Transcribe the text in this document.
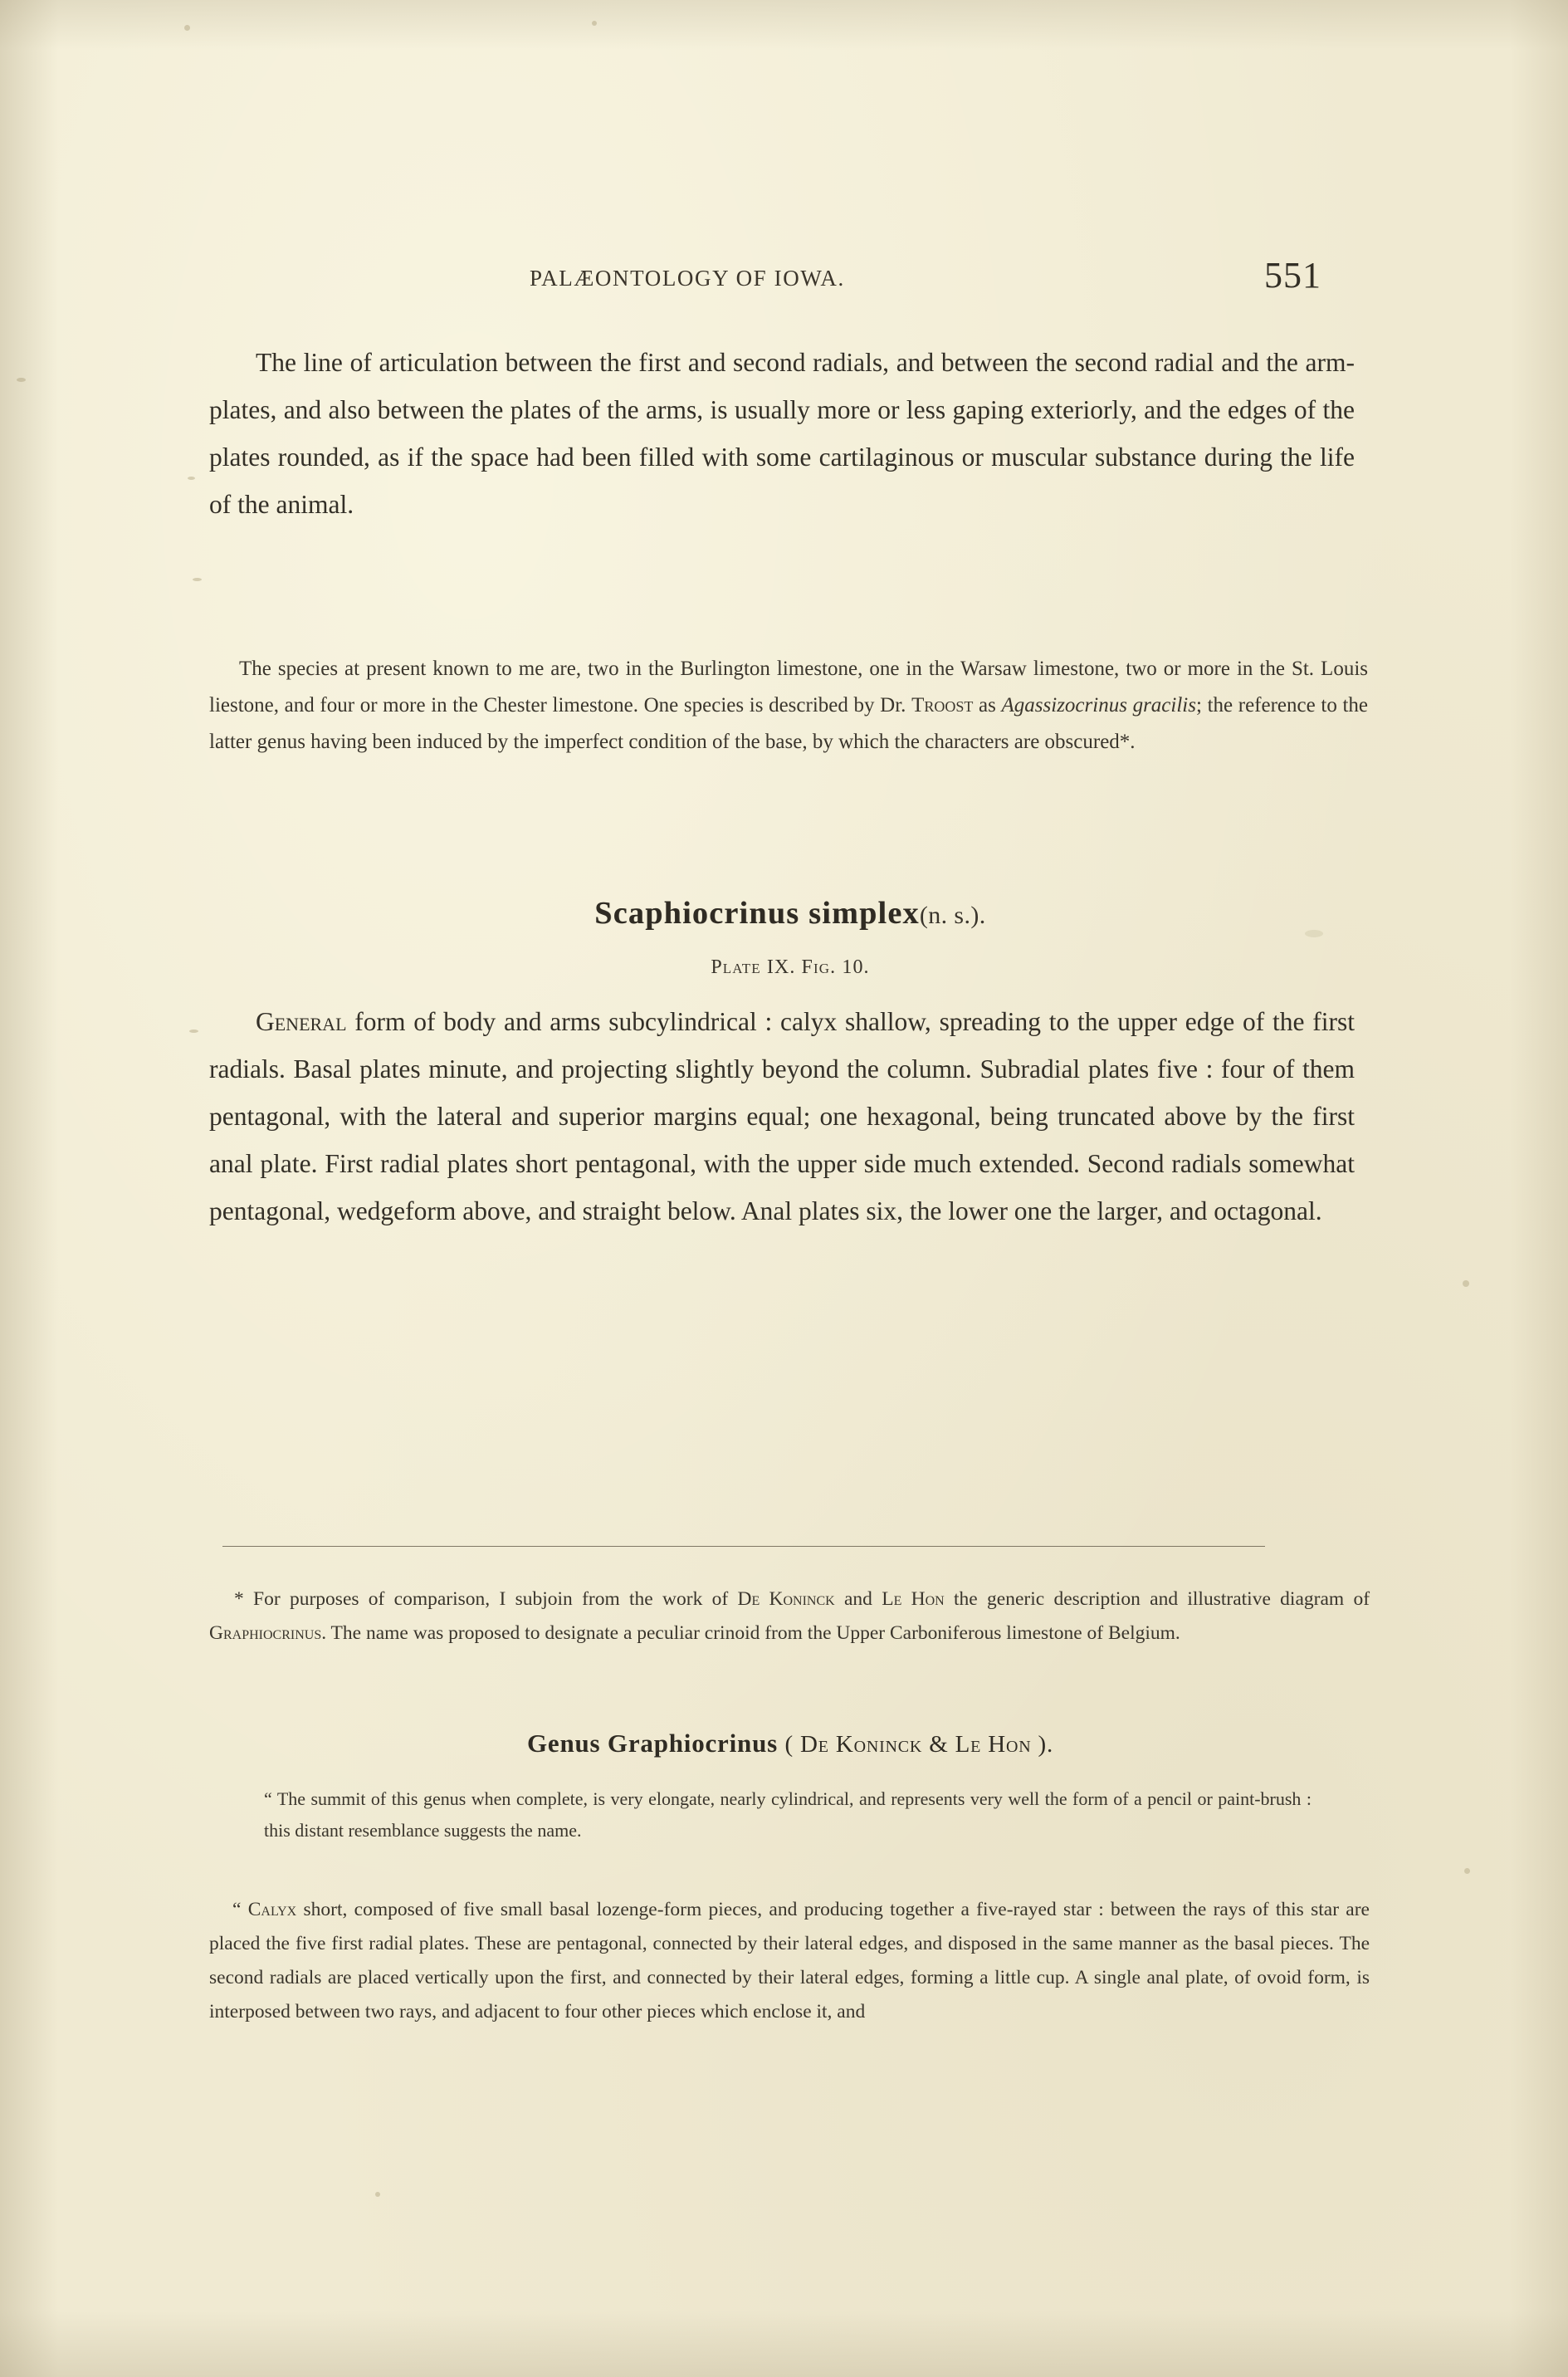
PALÆONTOLOGY OF IOWA.	551
The line of articulation between the first and second radials, and between the second radial and the arm-plates, and also between the plates of the arms, is usually more or less gaping exteriorly, and the edges of the plates rounded, as if the space had been filled with some cartilaginous or muscular substance during the life of the animal.
The species at present known to me are, two in the Burlington limestone, one in the Warsaw limestone, two or more in the St. Louis liestone, and four or more in the Chester limestone. One species is described by Dr. Troost as Agassizocrinus gracilis; the reference to the latter genus having been induced by the imperfect condition of the base, by which the characters are obscured*.
Scaphiocrinus simplex(n. s.).
Plate IX. Fig. 10.
General form of body and arms subcylindrical : calyx shallow, spreading to the upper edge of the first radials. Basal plates minute, and projecting slightly beyond the column. Subradial plates five : four of them pentagonal, with the lateral and superior margins equal; one hexagonal, being truncated above by the first anal plate. First radial plates short pentagonal, with the upper side much extended. Second radials somewhat pentagonal, wedgeform above, and straight below. Anal plates six, the lower one the larger, and octagonal.
* For purposes of comparison, I subjoin from the work of De Koninck and Le Hon the generic description and illustrative diagram of Graphiocrinus. The name was proposed to designate a peculiar crinoid from the Upper Carboniferous limestone of Belgium.
Genus Graphiocrinus ( De Koninck & Le Hon ).
“ The summit of this genus when complete, is very elongate, nearly cylindrical, and represents very well the form of a pencil or paint-brush : this distant resemblance suggests the name.
“ Calyx short, composed of five small basal lozenge-form pieces, and producing together a five-rayed star : between the rays of this star are placed the five first radial plates. These are pentagonal, connected by their lateral edges, and disposed in the same manner as the basal pieces. The second radials are placed vertically upon the first, and connected by their lateral edges, forming a little cup. A single anal plate, of ovoid form, is interposed between two rays, and adjacent to four other pieces which enclose it, and
